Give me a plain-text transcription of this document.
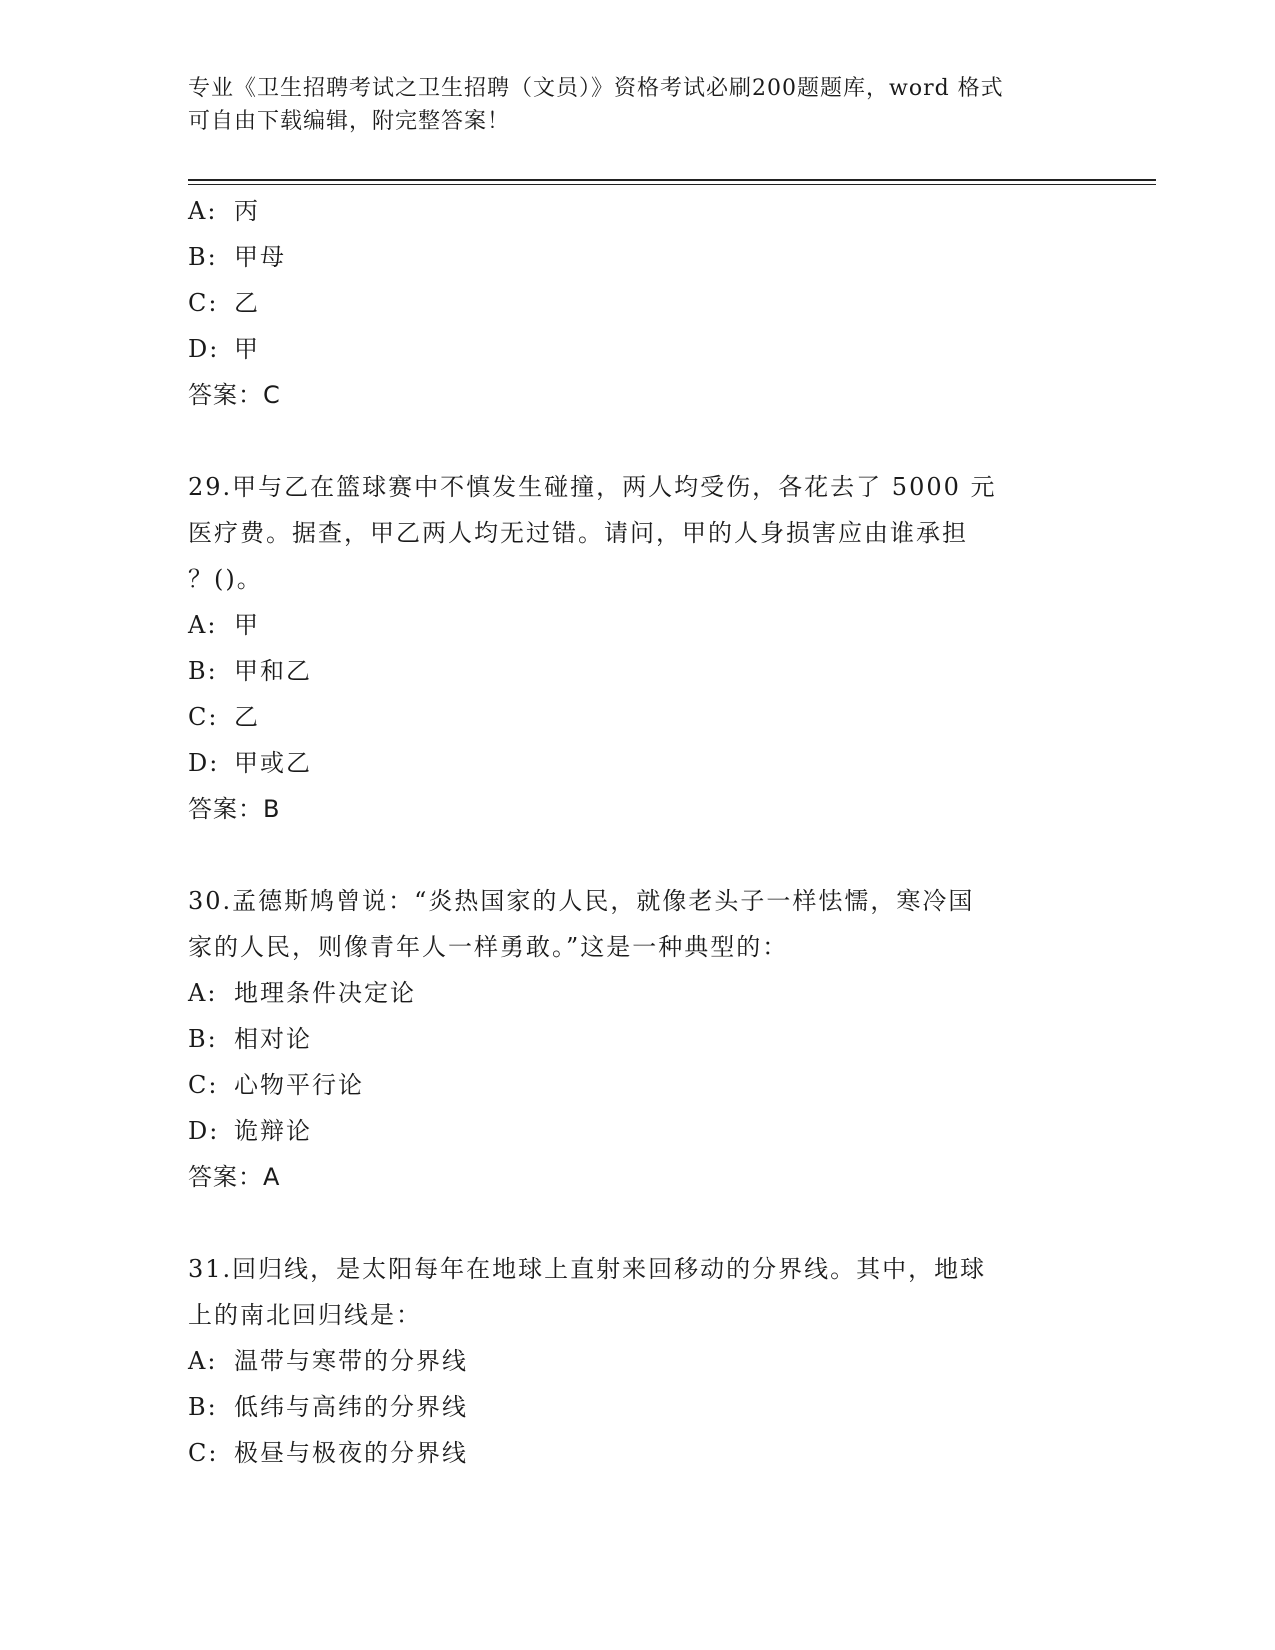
专业《卫生招聘考试之卫生招聘（文员）》资格考试必刷200题题库，word 格式
可自由下载编辑，附完整答案！
A: 丙
B: 甲母
C: 乙
D: 甲
答案：C
29.甲与乙在篮球赛中不慎发生碰撞，两人均受伤，各花去了 5000 元
医疗费。据查，甲乙两人均无过错。请问，甲的人身损害应由谁承担
？()。
A: 甲
B: 甲和乙
C: 乙
D: 甲或乙
答案：B
30.孟德斯鸠曾说：“炎热国家的人民，就像老头子一样怯懦，寒冷国
家的人民，则像青年人一样勇敢。”这是一种典型的：
A: 地理条件决定论
B: 相对论
C: 心物平行论
D: 诡辩论
答案：A
31.回归线，是太阳每年在地球上直射来回移动的分界线。其中，地球
上的南北回归线是：
A: 温带与寒带的分界线
B: 低纬与高纬的分界线
C: 极昼与极夜的分界线
